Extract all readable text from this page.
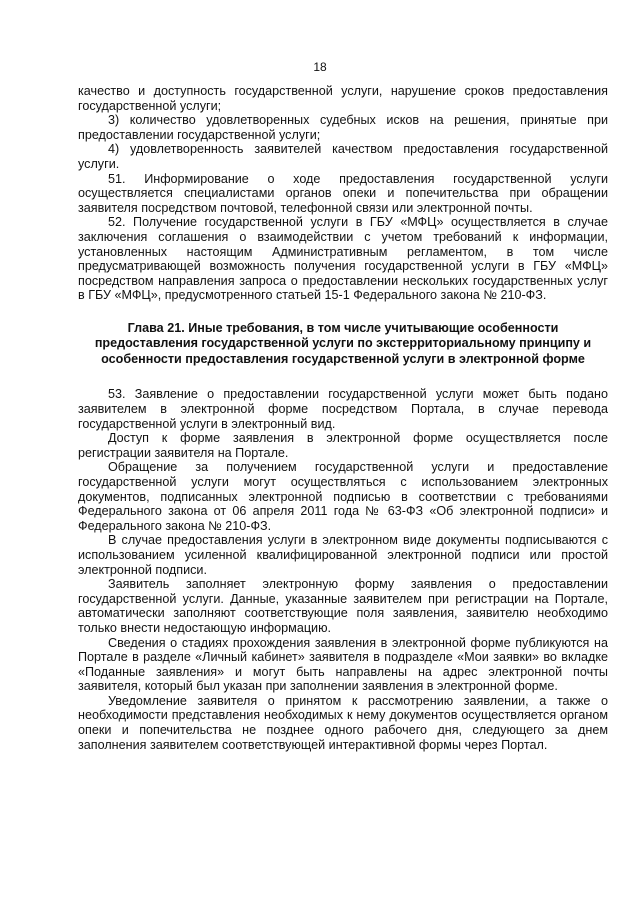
18

качество и доступность государственной услуги, нарушение сроков предоставления государственной услуги;

3) количество удовлетворенных судебных исков на решения, принятые при предоставлении государственной услуги;

4) удовлетворенность заявителей качеством предоставления государственной услуги.

51. Информирование о ходе предоставления государственной услуги осуществляется специалистами органов опеки и попечительства при обращении заявителя посредством почтовой, телефонной связи или электронной почты.

52. Получение государственной услуги в ГБУ «МФЦ» осуществляется в случае заключения соглашения о взаимодействии с учетом требований к информации, установленных настоящим Административным регламентом, в том числе предусматривающей возможность получения государственной услуги в ГБУ «МФЦ» посредством направления запроса о предоставлении нескольких государственных услуг в ГБУ «МФЦ», предусмотренного статьей 15-1 Федерального закона № 210-ФЗ.

Глава 21. Иные требования, в том числе учитывающие особенности предоставления государственной услуги по экстерриториальному принципу и особенности предоставления государственной услуги в электронной форме

53. Заявление о предоставлении государственной услуги может быть подано заявителем в электронной форме посредством Портала, в случае перевода государственной услуги в электронный вид.

Доступ к форме заявления в электронной форме осуществляется после регистрации заявителя на Портале.

Обращение за получением государственной услуги и предоставление государственной услуги могут осуществляться с использованием электронных документов, подписанных электронной подписью в соответствии с требованиями Федерального закона от 06 апреля 2011 года № 63-ФЗ «Об электронной подписи» и Федерального закона № 210-ФЗ.

В случае предоставления услуги в электронном виде документы подписываются с использованием усиленной квалифицированной электронной подписи или простой электронной подписи.

Заявитель заполняет электронную форму заявления о предоставлении государственной услуги. Данные, указанные заявителем при регистрации на Портале, автоматически заполняют соответствующие поля заявления, заявителю необходимо только внести недостающую информацию.

Сведения о стадиях прохождения заявления в электронной форме публикуются на Портале в разделе «Личный кабинет» заявителя в подразделе «Мои заявки» во вкладке «Поданные заявления» и могут быть направлены на адрес электронной почты заявителя, который был указан при заполнении заявления в электронной форме.

Уведомление заявителя о принятом к рассмотрению заявлении, а также о необходимости представления необходимых к нему документов осуществляется органом опеки и попечительства не позднее одного рабочего дня, следующего за днем заполнения заявителем соответствующей интерактивной формы через Портал.
